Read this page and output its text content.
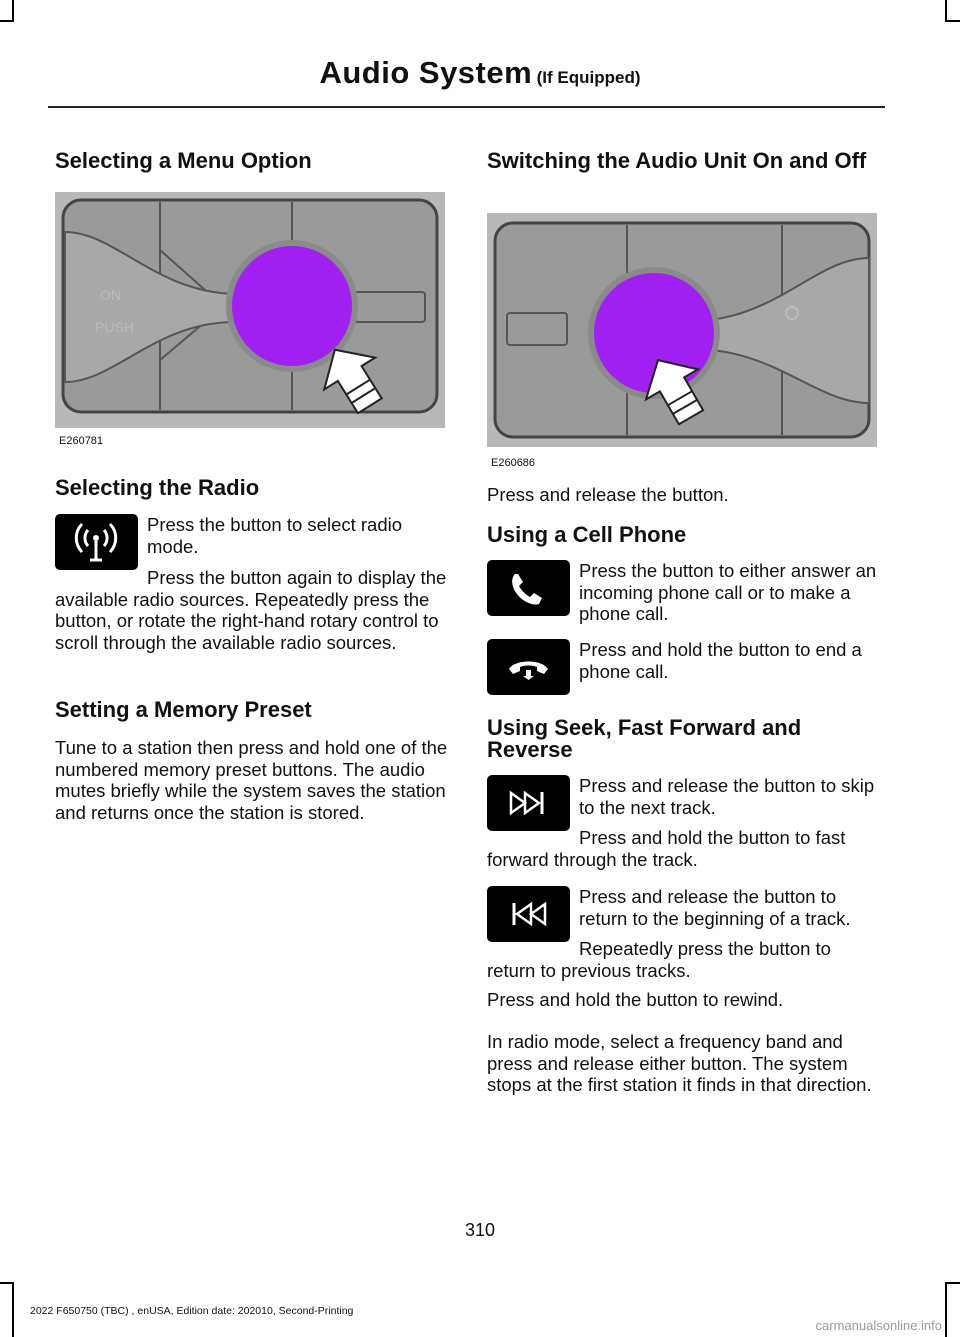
Audio System (If Equipped)
Selecting a Menu Option
ON
PUSH
E260781
Selecting the Radio

Press the button to select radio mode.

Press the button again to display the available radio sources. Repeatedly press the button, or rotate the right-hand rotary control to scroll through the available radio sources.

Setting a Memory Preset

Tune to a station then press and hold one of the numbered memory preset buttons. The audio mutes briefly while the system saves the station and returns once the station is stored.

Switching the Audio Unit On and Off
E260686

Press and release the button.

Using a Cell Phone

Press the button to either answer an incoming phone call or to make a phone call.

Press and hold the button to end a phone call.

Using Seek, Fast Forward and Reverse

Press and release the button to skip to the next track.

Press and hold the button to fast forward through the track.

Press and release the button to return to the beginning of a track.

Repeatedly press the button to return to previous tracks.

Press and hold the button to rewind.

In radio mode, select a frequency band and press and release either button. The system stops at the first station it finds in that direction.

310
2022 F650750 (TBC) , enUSA, Edition date: 202010, Second-Printing
carmanualsonline.info
